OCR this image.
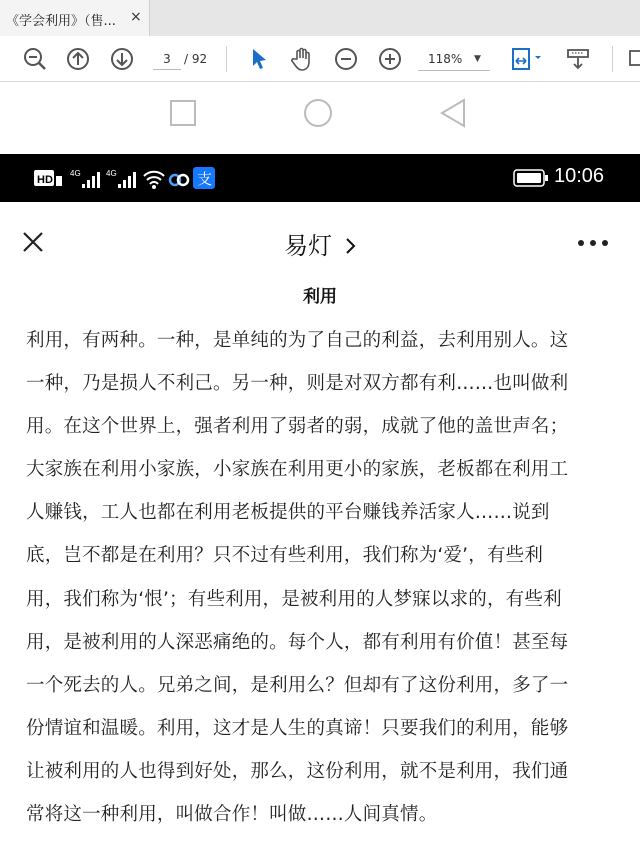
《学会利用》（售...	×
3	/ 92	118% ▼
HD
4G	4G	支	10:06
易灯
利用
利用，有两种。一种，是单纯的为了自己的利益，去利用别人。这
一种，乃是损人不利己。另一种，则是对双方都有利……也叫做利
用。在这个世界上，强者利用了弱者的弱，成就了他的盖世声名；
大家族在利用小家族，小家族在利用更小的家族，老板都在利用工
人赚钱，工人也都在利用老板提供的平台赚钱养活家人……说到
底，岂不都是在利用？只不过有些利用，我们称为‘爱’，有些利
用，我们称为‘恨’；有些利用，是被利用的人梦寐以求的，有些利
用，是被利用的人深恶痛绝的。每个人，都有利用有价值！甚至每
一个死去的人。兄弟之间，是利用么？但却有了这份利用，多了一
份情谊和温暖。利用，这才是人生的真谛！只要我们的利用，能够
让被利用的人也得到好处，那么，这份利用，就不是利用，我们通
常将这一种利用，叫做合作！叫做……人间真情。
